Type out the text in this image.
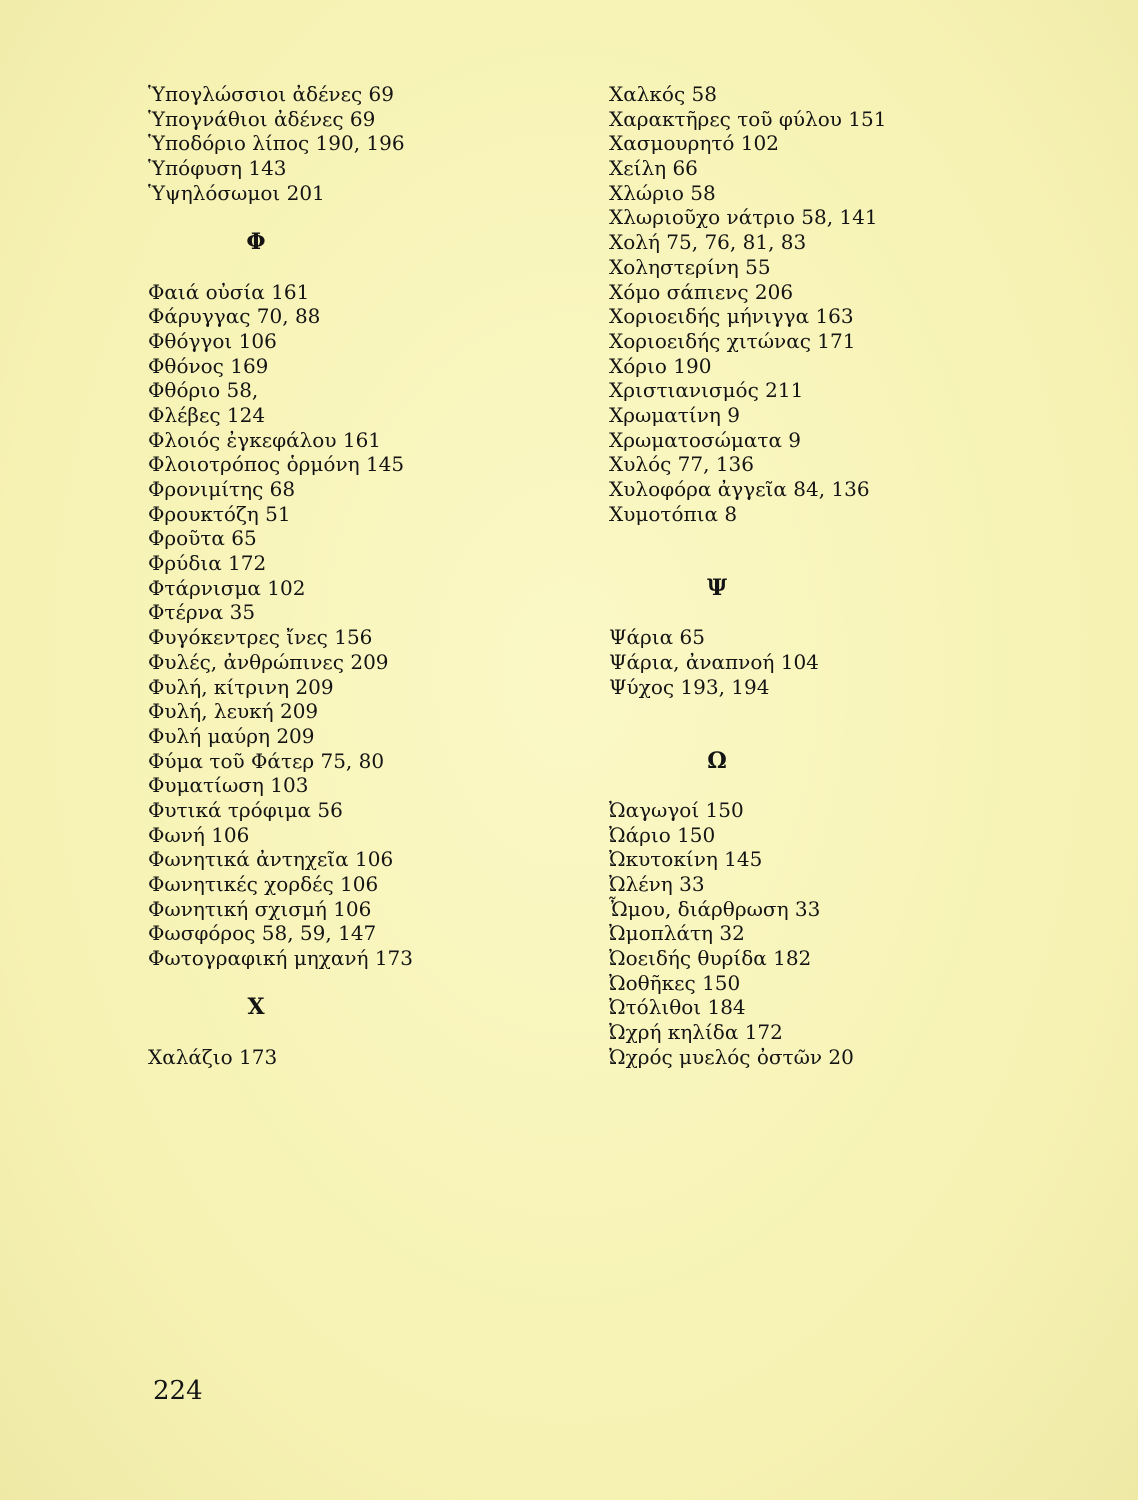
Ὑπογλώσσιοι ἀδένες 69
Ὑπογνάθιοι ἀδένες 69
Ὑποδόριο λίπος 190, 196
Ὑπόφυση 143
Ὑψηλόσωμοι 201
Φ
Φαιά οὐσία 161
Φάρυγγας 70, 88
Φθόγγοι 106
Φθόνος 169
Φθόριο 58,
Φλέβες 124
Φλοιός ἐγκεφάλου 161
Φλοιοτρόπος ὁρμόνη 145
Φρονιμίτης 68
Φρουκτόζη 51
Φροῦτα 65
Φρύδια 172
Φτάρνισμα 102
Φτέρνα 35
Φυγόκεντρες ἴνες 156
Φυλές, ἀνθρώπινες 209
Φυλή, κίτρινη 209
Φυλή, λευκή 209
Φυλή μαύρη 209
Φύμα τοῦ Φάτερ 75, 80
Φυματίωση 103
Φυτικά τρόφιμα 56
Φωνή 106
Φωνητικά ἀντηχεῖα 106
Φωνητικές χορδές 106
Φωνητική σχισμή 106
Φωσφόρος 58, 59, 147
Φωτογραφική μηχανή 173
Χ
Χαλάζιο 173
Χαλκός 58
Χαρακτῆρες τοῦ φύλου 151
Χασμουρητό 102
Χείλη 66
Χλώριο 58
Χλωριοῦχο νάτριο 58, 141
Χολή 75, 76, 81, 83
Χοληστερίνη 55
Χόμο σάπιενς 206
Χοριοειδής μήνιγγα 163
Χοριοειδής χιτώνας 171
Χόριο 190
Χριστιανισμός 211
Χρωματίνη 9
Χρωματοσώματα 9
Χυλός 77, 136
Χυλοφόρα ἀγγεῖα 84, 136
Χυμοτόπια 8
Ψ
Ψάρια 65
Ψάρια, ἀναπνοή 104
Ψύχος 193, 194
Ω
Ὠαγωγοί 150
Ὠάριο 150
Ὠκυτοκίνη 145
Ὠλένη 33
Ὦμου, διάρθρωση 33
Ὠμοπλάτη 32
Ὠοειδής θυρίδα 182
Ὠοθῆκες 150
Ὠτόλιθοι 184
Ὠχρή κηλίδα 172
Ὠχρός μυελός ὀστῶν 20
224
